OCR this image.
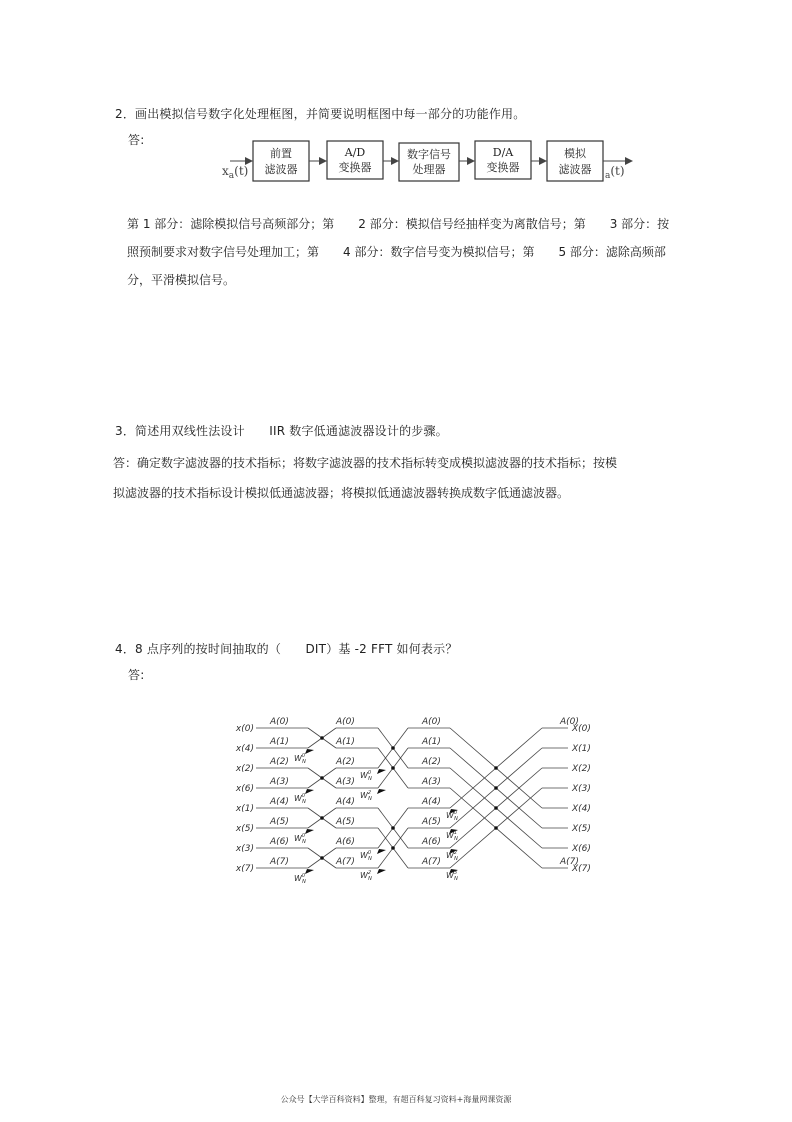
2．画出模拟信号数字化处理框图，并简要说明框图中每一部分的功能作用。
答:
$x_a(t)$
前置
滤波器
A/D
变换器
数字信号
处理器
D/A
变换器
模拟
滤波器 $_a$(t)
第 1 部分：滤除模拟信号高频部分；第　　2 部分：模拟信号经抽样变为离散信号；第　　3 部分：按
照预制要求对数字信号处理加工；第　　4 部分：数字信号变为模拟信号；第　　5 部分：滤除高频部
分，平滑模拟信号。
3．简述用双线性法设计　　IIR 数字低通滤波器设计的步骤。
答：确定数字滤波器的技术指标；将数字滤波器的技术指标转变成模拟滤波器的技术指标；按模
拟滤波器的技术指标设计模拟低通滤波器；将模拟低通滤波器转换成数字低通滤波器。
4．8 点序列的按时间抽取的（　　DIT）基 -2 FFT 如何表示？
答:
x(0)
x(4)
x(2)
x(6)
x(1)
x(5)
x(3)
x(7)
A(0)	A(0)	A(0)
X(0)
A(1)	A(1)	A(1)
X(1)
A(2)	A(2)	A(2)
X(2)
A(3)	A(3)	A(3)
X(3)
A(4)	A(4)	A(4)
X(4)
A(5)	A(5)	A(5)
X(5)
A(6)	A(6)	A(6)
X(6)
A(7)	A(7)	A(7)
X(7)
A(0)
A(7)
$W^0$ N
$W^0$ N
$W^0$ N
$W^0$ N
$W^0$ N
$W^2$ N
$W^0$ N
$W^2$ N
$W^0$ N
$W^1$ N
$W^2$ N
$W^3$ N
公众号【大学百科资料】整理，有超百科复习资料+海量网课资源
